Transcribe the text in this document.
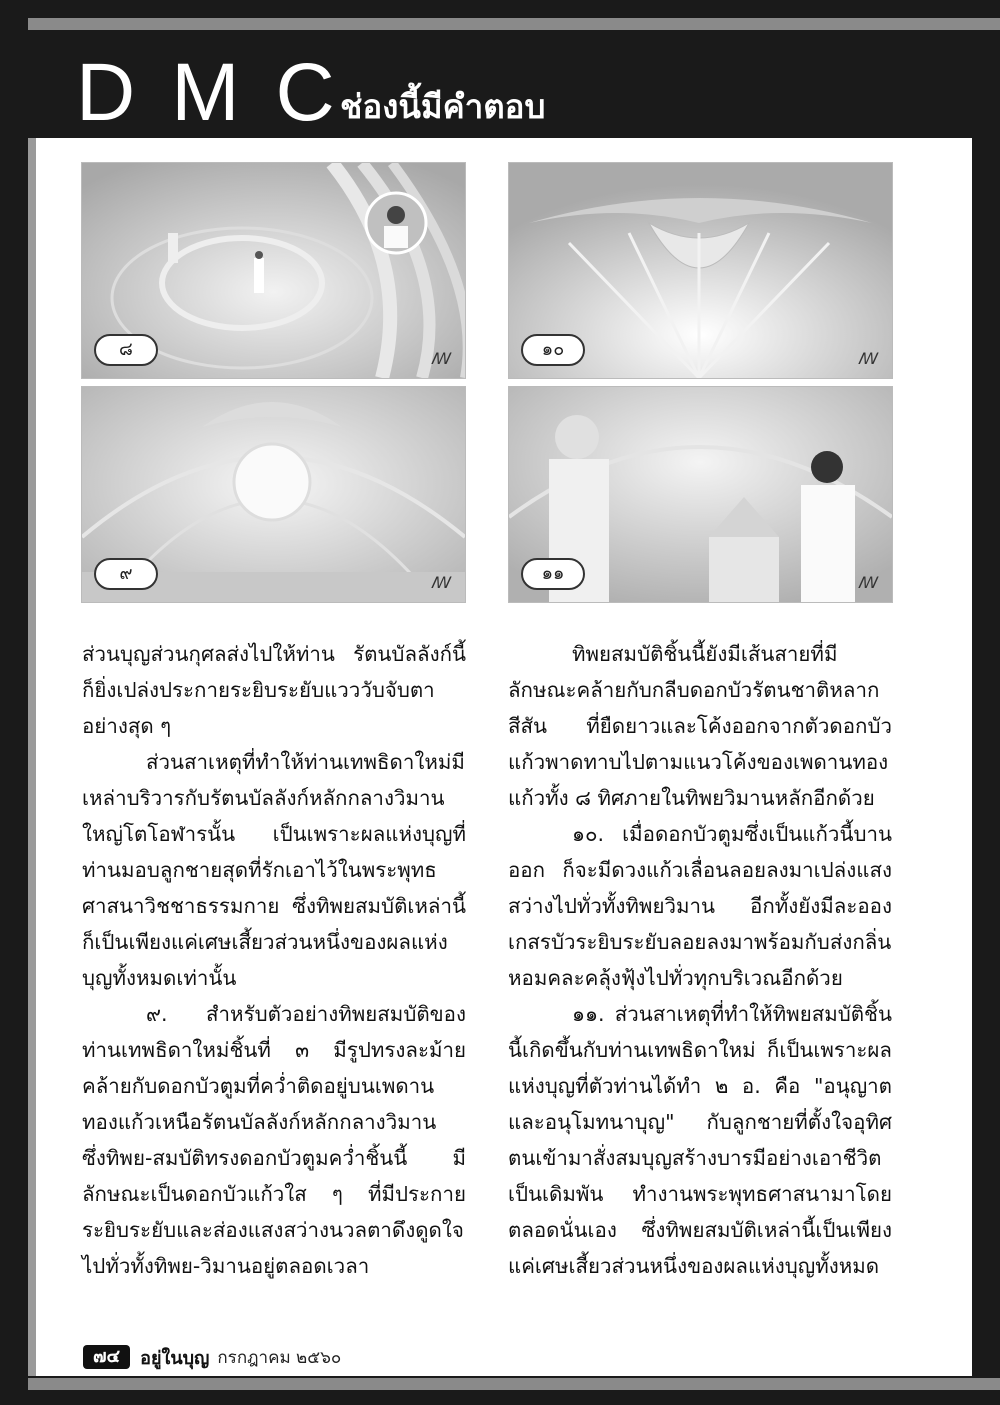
DMC
ช่องนี้มีคำตอบ
๘	ꟿ
๙	ꟿ
๑๐	ꟿ
๑๑	ꟿ

ส่วนบุญส่วนกุศลส่งไปให้ท่าน รัตนบัลลังก์นี้ก็ยิ่งเปล่งประกายระยิบระยับแวววับจับตาอย่างสุด ๆ

ส่วนสาเหตุที่ทำให้ท่านเทพธิดาใหม่มีเหล่าบริวารกับรัตนบัลลังก์หลักกลางวิมานใหญ่โตโอฬารนั้น เป็นเพราะผลแห่งบุญที่ท่านมอบลูกชายสุดที่รักเอาไว้ในพระพุทธศาสนาวิชชาธรรมกาย ซึ่งทิพยสมบัติเหล่านี้ก็เป็นเพียงแค่เศษเสี้ยวส่วนหนึ่งของผลแห่งบุญทั้งหมดเท่านั้น

๙. สำหรับตัวอย่างทิพยสมบัติของท่านเทพธิดาใหม่ชิ้นที่ ๓ มีรูปทรงละม้ายคล้ายกับดอกบัวตูมที่คว่ำติดอยู่บนเพดานทองแก้วเหนือรัตนบัลลังก์หลักกลางวิมาน ซึ่งทิพย-สมบัติทรงดอกบัวตูมคว่ำชิ้นนี้ มีลักษณะเป็นดอกบัวแก้วใส ๆ ที่มีประกายระยิบระยับและส่องแสงสว่างนวลตาดึงดูดใจไปทั่วทั้งทิพย-วิมานอยู่ตลอดเวลา

ทิพยสมบัติชิ้นนี้ยังมีเส้นสายที่มีลักษณะคล้ายกับกลีบดอกบัวรัตนชาติหลากสีสัน ที่ยืดยาวและโค้งออกจากตัวดอกบัวแก้วพาดทาบไปตามแนวโค้งของเพดานทองแก้วทั้ง ๘ ทิศภายในทิพยวิมานหลักอีกด้วย

๑๐. เมื่อดอกบัวตูมซึ่งเป็นแก้วนี้บานออก ก็จะมีดวงแก้วเลื่อนลอยลงมาเปล่งแสงสว่างไปทั่วทั้งทิพยวิมาน อีกทั้งยังมีละอองเกสรบัวระยิบระยับลอยลงมาพร้อมกับส่งกลิ่นหอมคละคลุ้งฟุ้งไปทั่วทุกบริเวณอีกด้วย

๑๑. ส่วนสาเหตุที่ทำให้ทิพยสมบัติชิ้นนี้เกิดขึ้นกับท่านเทพธิดาใหม่ ก็เป็นเพราะผลแห่งบุญที่ตัวท่านได้ทำ ๒ อ. คือ "อนุญาตและอนุโมทนาบุญ" กับลูกชายที่ตั้งใจอุทิศตนเข้ามาสั่งสมบุญสร้างบารมีอย่างเอาชีวิตเป็นเดิมพัน ทำงานพระพุทธศาสนามาโดยตลอดนั่นเอง ซึ่งทิพยสมบัติเหล่านี้เป็นเพียงแค่เศษเสี้ยวส่วนหนึ่งของผลแห่งบุญทั้งหมด

๗๔	อยู่ในบุญ กรกฎาคม ๒๕๖๐
